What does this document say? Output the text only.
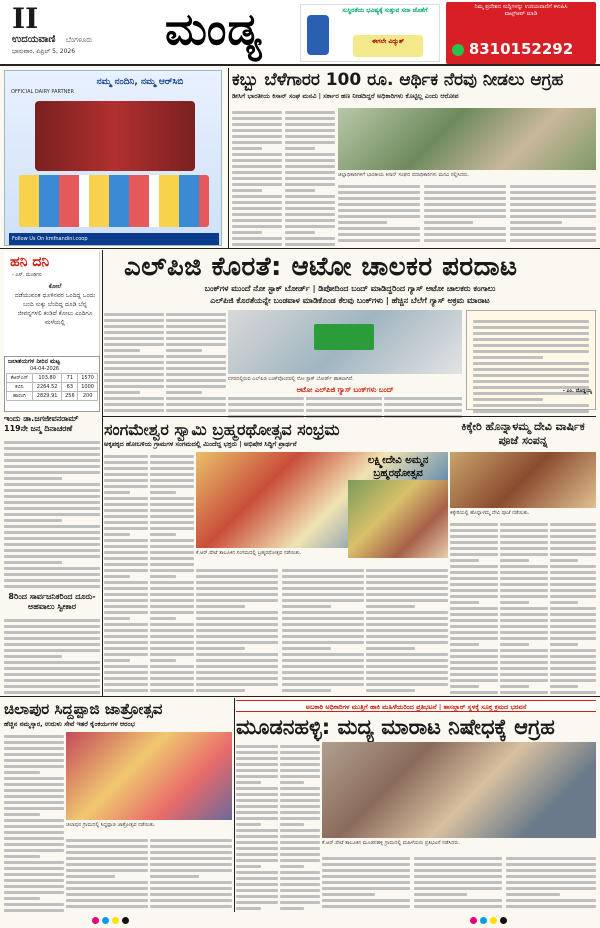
II
ಉದಯವಾಣಿ ಬೆಂಗಳೂರು
ಭಾನುವಾರ, ಏಪ್ರಿಲ್ 5, 2026 ಮಂಡ್ಯ	ಸುಸ್ಥಿರತೆಯ ಭವಿಷ್ಯಕ್ಕೆ ಸುತ್ತುವ ಸದಾ ಜೊತೆಗೆ
ಈಗಲೇ ವಿದ್ಯುತ್
ನಿಮ್ಮ ಪ್ರದೇಶದ ಸುದ್ದಿಗಳನ್ನು ಉದಯವಾಣಿಗೆ ಕಳುಹಿಸಿ
ವಾಟ್ಸ್‌ಆಪ್ ಮಾಡಿ
8310152292
OFFICIAL DAIRY PARTNER
ನಮ್ಮ ನಂದಿನಿ, ನಮ್ಮ ಆರ್‌ಸಿಬಿ
Follow Us On kmfnandini.coop
ಕಬ್ಬು ಬೆಳೆಗಾರರ 100 ರೂ. ಆರ್ಥಿಕ ನೆರವು ನೀಡಲು ಆಗ್ರಹ
ಡೀಸಿಗೆ ಭಾರತೀಯ ಕಿಸಾನ್ ಸಂಘ ಮನವಿ | ಸರ್ಕಾರ ಹಣ ನೀಡದಿದ್ದರೆ ಅಧಿಕಾರಿಗಳು ಕೊಟ್ಟಿಲ್ಲ ಎಂದು ಆರೋಪ
ಜಿಲ್ಲಾಧಿಕಾರಿಗಳಿಗೆ ಭಾರತೀಯ ಕಿಸಾನ್ ಸಂಘದ ಪದಾಧಿಕಾರಿಗಳು ಮನವಿ ಸಲ್ಲಿಸಿದರು.
ಹನಿ ದನಿ
- ಎಸ್. ಮಂಡಿಗರ
ಕೋಲೆ
ದಡೆಯುವಂತ ಧೂಳಿನವರ ಒಂದಿದ್ದ ಒಂದು ಬಂದಿ ಸುಕ್ಕು ಬೆಂದಿದ್ದ ದೂಡಿ ಬೆನ್ನ ಜೀವನ್ನಗಳಲಿ ಕಂಡಿದೆ ಕೋಲು ಎಂದಿಗೂ ಮಳೆಯಲ್ಲಿ
ಜಲಾಶಯಗಳ ನೀರಿನ ಮಟ್ಟ
04-04-2026
ಕೆಆರ್‌ಎಸ್	103.80	71	1570
ಕಬಿನಿ	2264.52	63	1000
ಹಾರಂಗಿ	2829.91	256	200
ಎಲ್‌ಪಿಜಿ ಕೊರತೆ: ಆಟೋ ಚಾಲಕರ ಪರದಾಟ
ಬಂಕ್‌ಗಳ ಮುಂದೆ ನೋ ಸ್ಟಾಕ್ ಬೋರ್ಡ್ | ಡಿಪೋದಿಂದ ಬಂದ್ ಮಾಡಿದ್ದರಿಂದ ಗ್ಯಾಸ್ ಆಟೋ ಚಾಲಕರು ಕಂಗಾಲು
ಎಲ್‌ಪಿಜಿ ಕೊರತೆಯನ್ನೇ ಬಂಡವಾಳ ಮಾಡಿಕೊಂಡ ಕೆಲವು ಬಂಕ್‌ಗಳು | ಹೆಚ್ಚಿನ ಬೆಲೆಗೆ ಗ್ಯಾಸ್ ಅಕ್ರಮ ಮಾರಾಟ
ನಗರದಲ್ಲಿರುವ ಎಲ್‌ಪಿಜಿ ಬಂಕ್‌ವೊಂದರಲ್ಲಿ ನೋ ಸ್ಟಾಕ್ ಬೋರ್ಡ್ ಹಾಕಲಾಗಿದೆ.
ಆಟೋ ಎಲ್‌ಪಿಜಿ ಗ್ಯಾಸ್ ಬಂಕ್‌ಗಳು ಬಂದ್	- ಎಂ. ದೊಡ್ಡಯ್ಯ
ಇಂದು ಡಾ.ಜಗಜೀವನರಾಮ್ 119ನೇ ಜನ್ಮ ದಿನಾಚರಣೆ
8ರಿಂದ ಸಾರ್ವಜನಿಕರಿಂದ ದೂರು-ಅಹವಾಲು ಸ್ವೀಕಾರ
ಸಂಗಮೇಶ್ವರ ಸ್ವಾಮಿ ಬ್ರಹ್ಮರಥೋತ್ಸವ ಸಂಭ್ರಮ
ಅಕ್ಕಪಕ್ಕದ ಹೋಬಳಿಯ ಗ್ರಾಮಗಳ ಸಂಗಮದಲ್ಲಿ ಮಿಂದೆದ್ದ ಭಕ್ತರು | ಅಭಿಷೇಕ ಸಿದ್ಧಿಗೆ ಪ್ರಾರ್ಥನೆ
ಕೆ.ಆರ್.ಪೇಟೆ ತಾಲೂಕಿನ ಸಂಗಮದಲ್ಲಿ ಬ್ರಹ್ಮರಥೋತ್ಸವ ನಡೆಯಿತು.
ಕಿಕ್ಕೇರಿ ಹೊನ್ನಾಳಮ್ಮ ದೇವಿ ವಾರ್ಷಿಕ ಪೂಜೆ ಸಂಪನ್ನ
ಕಿಕ್ಕೇರಿಯಲ್ಲಿ ಹೊನ್ನಾಳಮ್ಮ ದೇವಿ ಪೂಜೆ ನಡೆಯಿತು.
ಲಕ್ಷ್ಮೀದೇವಿ ಅಮ್ಮನ ಬ್ರಹ್ಮರಥೋತ್ಸವ
ಚಿಲಾಪುರ ಸಿದ್ದಪ್ಪಾಜಿ ಜಾತ್ರೋತ್ಸವ
ಹೆಚ್ಚಿನ ನಮ್ಮಸ್ಕಾರ, ಉರುಳು ಸೇವೆ ಇತರೆ ಕೈಂಕರ್ಯಗಳ ಆರಂಭ
ಚಿಲಾಪುರ ಗ್ರಾಮದಲ್ಲಿ ಸಿದ್ದಪ್ಪಾಜಿ ಜಾತ್ರೋತ್ಸವ ನಡೆಯಿತು.
ಅಬಕಾರಿ ಅಧಿಕಾರಿಗಳ ಮುತ್ತಿಗೆ ಹಾಕಿ ಮಹಿಳೆಯರಿಂದ ಪ್ರತಿಭಟನೆ | ತಾಸಲ್ದಾರ್ ಸ್ಥಳಕ್ಕೆ ಸೂಕ್ತ ಕ್ರಮದ ಭರವಸೆ
ಮೂಡನಹಳ್ಳಿ: ಮದ್ಯ ಮಾರಾಟ ನಿಷೇಧಕ್ಕೆ ಆಗ್ರಹ
ಕೆ.ಆರ್.ಪೇಟೆ ತಾಲೂಕಿನ ಮೂಡನಹಳ್ಳಿ ಗ್ರಾಮದಲ್ಲಿ ಮಹಿಳೆಯರು ಪ್ರತಿಭಟನೆ ನಡೆಸಿದರು.
